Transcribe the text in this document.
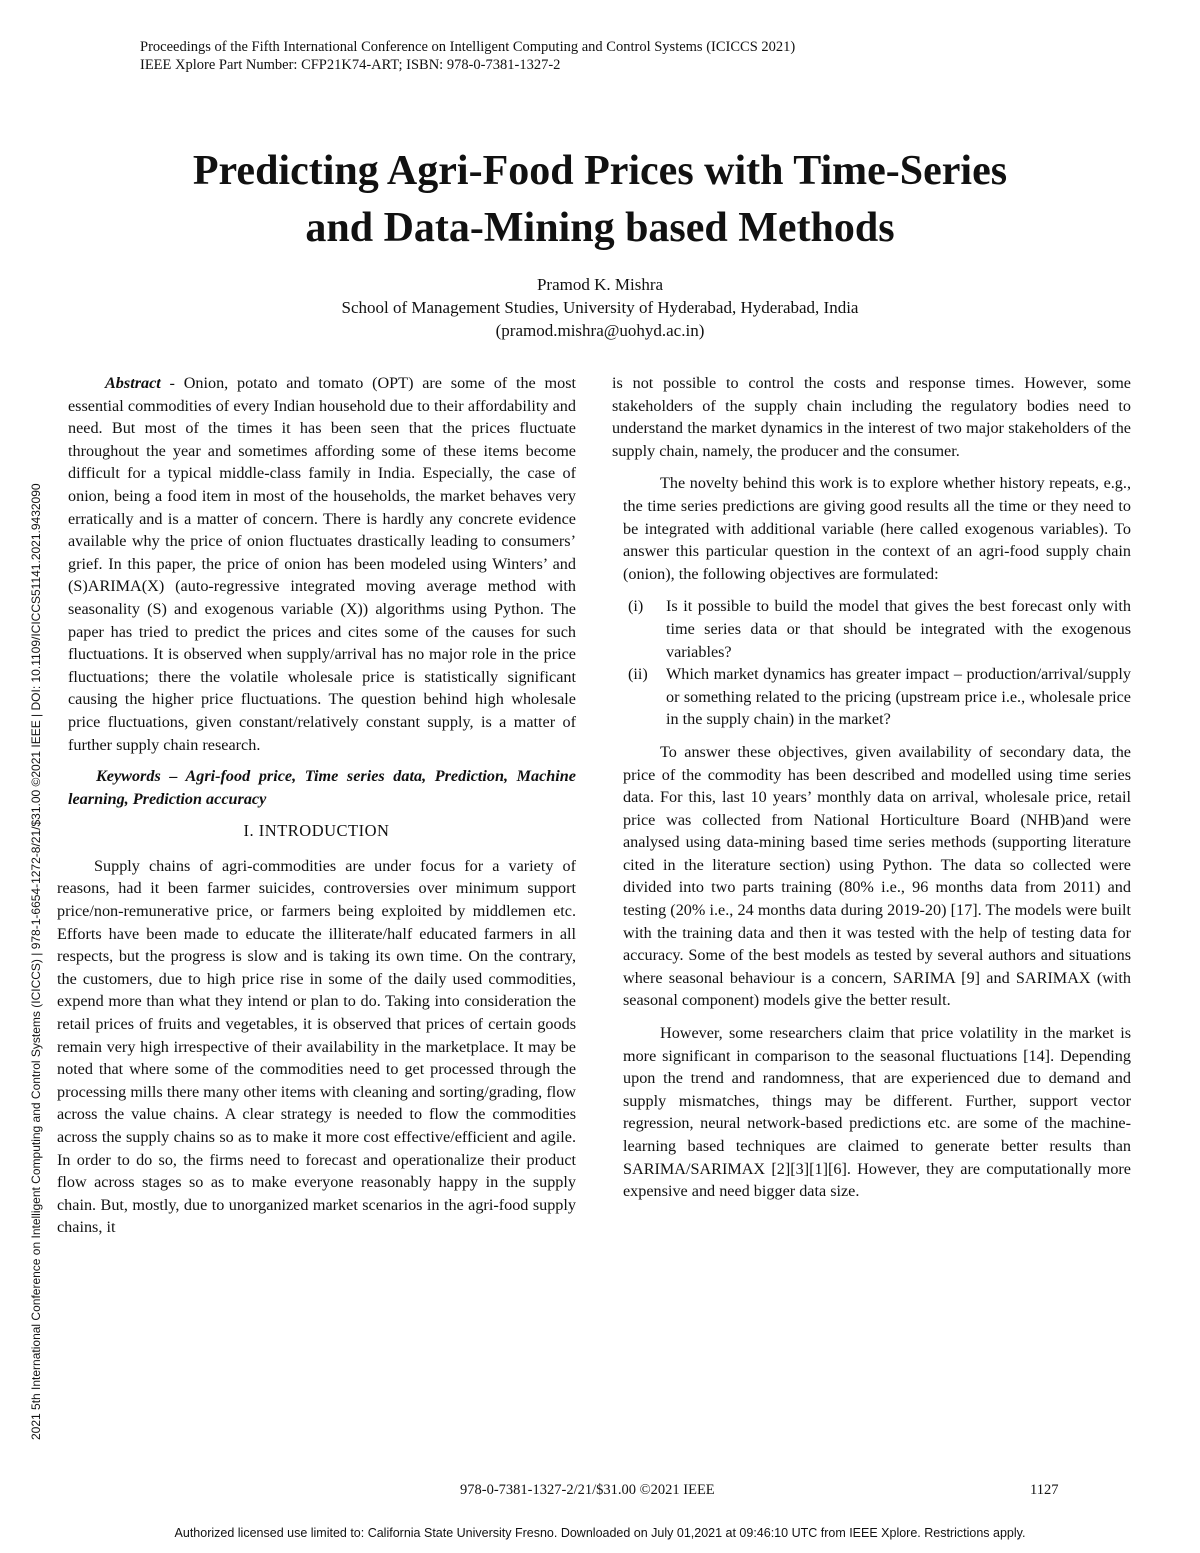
Proceedings of the Fifth International Conference on Intelligent Computing and Control Systems (ICICCS 2021)
IEEE Xplore Part Number: CFP21K74-ART; ISBN: 978-0-7381-1327-2
2021 5th International Conference on Intelligent Computing and Control Systems (ICICCS) | 978-1-6654-1272-8/21/$31.00 ©2021 IEEE | DOI: 10.1109/ICICCS51141.2021.9432090
Predicting Agri-Food Prices with Time-Series
and Data-Mining based Methods
Pramod K. Mishra
School of Management Studies, University of Hyderabad, Hyderabad, India
(pramod.mishra@uohyd.ac.in)

Abstract - Onion, potato and tomato (OPT) are some of the most essential commodities of every Indian household due to their affordability and need. But most of the times it has been seen that the prices fluctuate throughout the year and sometimes affording some of these items become difficult for a typical middle-class family in India. Especially, the case of onion, being a food item in most of the households, the market behaves very erratically and is a matter of concern. There is hardly any concrete evidence available why the price of onion fluctuates drastically leading to consumers’ grief. In this paper, the price of onion has been modeled using Winters’ and (S)ARIMA(X) (auto-regressive integrated moving average method with seasonality (S) and exogenous variable (X)) algorithms using Python. The paper has tried to predict the prices and cites some of the causes for such fluctuations. It is observed when supply/arrival has no major role in the price fluctuations; there the volatile wholesale price is statistically significant causing the higher price fluctuations. The question behind high wholesale price fluctuations, given constant/relatively constant supply, is a matter of further supply chain research.

Keywords – Agri-food price, Time series data, Prediction, Machine learning, Prediction accuracy

I. INTRODUCTION

Supply chains of agri-commodities are under focus for a variety of reasons, had it been farmer suicides, controversies over minimum support price/non-remunerative price, or farmers being exploited by middlemen etc. Efforts have been made to educate the illiterate/half educated farmers in all respects, but the progress is slow and is taking its own time. On the contrary, the customers, due to high price rise in some of the daily used commodities, expend more than what they intend or plan to do. Taking into consideration the retail prices of fruits and vegetables, it is observed that prices of certain goods remain very high irrespective of their availability in the marketplace. It may be noted that where some of the commodities need to get processed through the processing mills there many other items with cleaning and sorting/grading, flow across the value chains. A clear strategy is needed to flow the commodities across the supply chains so as to make it more cost effective/efficient and agile. In order to do so, the firms need to forecast and operationalize their product flow across stages so as to make everyone reasonably happy in the supply chain. But, mostly, due to unorganized market scenarios in the agri-food supply chains, it

is not possible to control the costs and response times. However, some stakeholders of the supply chain including the regulatory bodies need to understand the market dynamics in the interest of two major stakeholders of the supply chain, namely, the producer and the consumer.

The novelty behind this work is to explore whether history repeats, e.g., the time series predictions are giving good results all the time or they need to be integrated with additional variable (here called exogenous variables). To answer this particular question in the context of an agri-food supply chain (onion), the following objectives are formulated:

(i) Is it possible to build the model that gives the best forecast only with time series data or that should be integrated with the exogenous variables?
(ii) Which market dynamics has greater impact – production/arrival/supply or something related to the pricing (upstream price i.e., wholesale price in the supply chain) in the market?

To answer these objectives, given availability of secondary data, the price of the commodity has been described and modelled using time series data. For this, last 10 years’ monthly data on arrival, wholesale price, retail price was collected from National Horticulture Board (NHB)and were analysed using data-mining based time series methods (supporting literature cited in the literature section) using Python. The data so collected were divided into two parts training (80% i.e., 96 months data from 2011) and testing (20% i.e., 24 months data during 2019-20) [17]. The models were built with the training data and then it was tested with the help of testing data for accuracy. Some of the best models as tested by several authors and situations where seasonal behaviour is a concern, SARIMA [9] and SARIMAX (with seasonal component) models give the better result.

However, some researchers claim that price volatility in the market is more significant in comparison to the seasonal fluctuations [14]. Depending upon the trend and randomness, that are experienced due to demand and supply mismatches, things may be different. Further, support vector regression, neural network-based predictions etc. are some of the machine-learning based techniques are claimed to generate better results than SARIMA/SARIMAX [2][3][1][6]. However, they are computationally more expensive and need bigger data size.

978-0-7381-1327-2/21/$31.00 ©2021 IEEE	1127
Authorized licensed use limited to: California State University Fresno. Downloaded on July 01,2021 at 09:46:10 UTC from IEEE Xplore. Restrictions apply.
